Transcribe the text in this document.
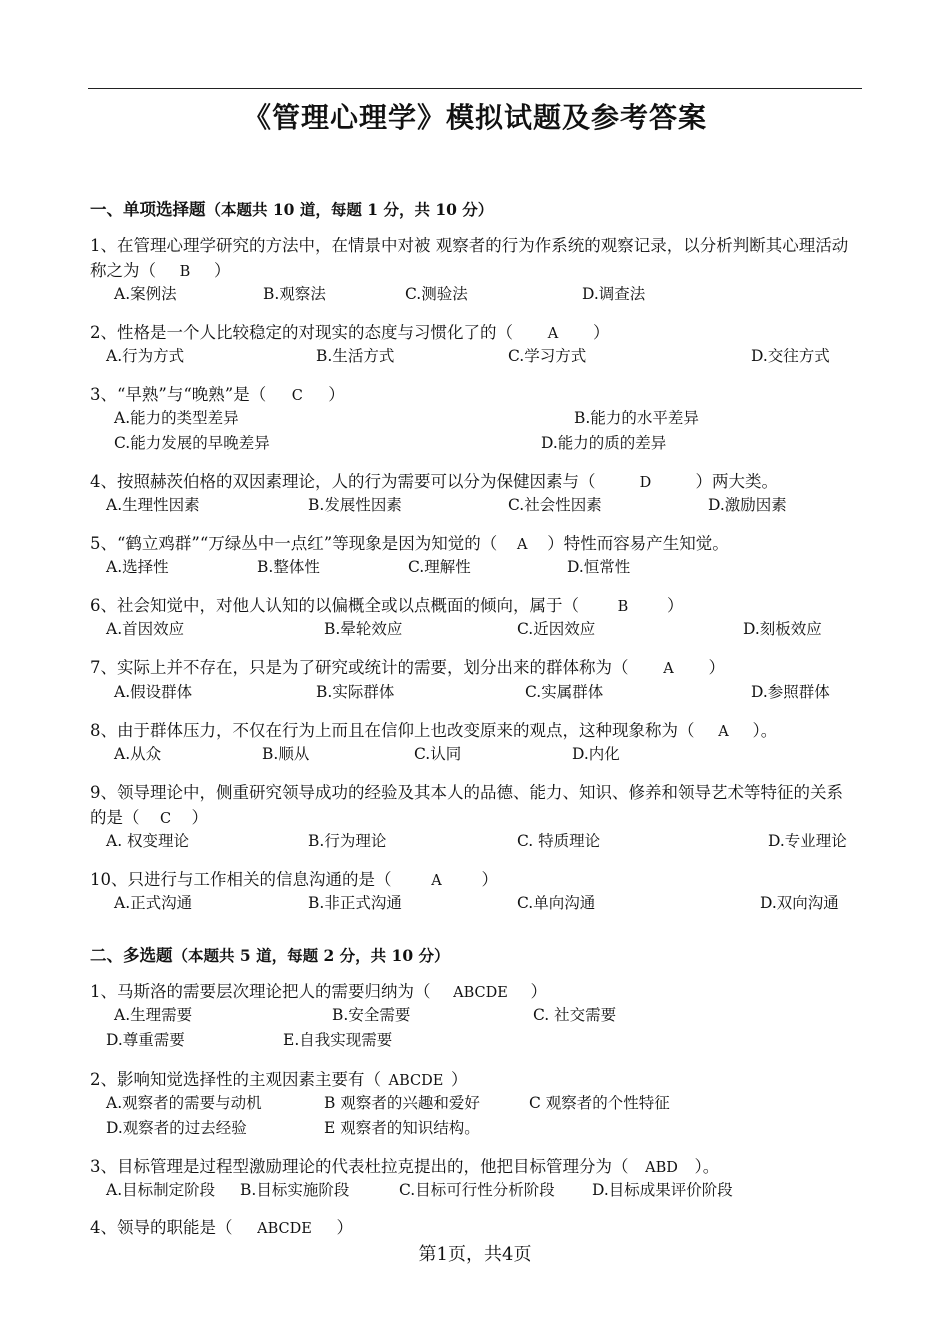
《管理心理学》模拟试题及参考答案
一、单项选择题（本题共 10 道，每题 1 分，共 10 分）
1、在管理心理学研究的方法中，在情景中对被 观察者的行为作系统的观察记录，以分析判断其心理活动
称之为（ B ）
A.案例法	B.观察法	C.测验法	D.调查法
2、性格是一个人比较稳定的对现实的态度与习惯化了的（ A ）
A.行为方式	B.生活方式	C.学习方式	D.交往方式
3、“早熟”与“晚熟”是（ C ）
A.能力的类型差异	B.能力的水平差异
C.能力发展的早晚差异	D.能力的质的差异
4、按照赫茨伯格的双因素理论，人的行为需要可以分为保健因素与（	D	）两大类。
A.生理性因素	B.发展性因素	C.社会性因素	D.激励因素
5、“鹤立鸡群”“万绿丛中一点红”等现象是因为知觉的（ A ）特性而容易产生知觉。
A.选择性	B.整体性	C.理解性	D.恒常性
6、社会知觉中，对他人认知的以偏概全或以点概面的倾向，属于（	B ）
A.首因效应	B.晕轮效应	C.近因效应	D.刻板效应
7、实际上并不存在，只是为了研究或统计的需要，划分出来的群体称为（ A ）
A.假设群体	B.实际群体	C.实属群体	D.参照群体
8、由于群体压力，不仅在行为上而且在信仰上也改变原来的观点，这种现象称为（ A ）。
A.从众	B.顺从	C.认同	D.内化
9、领导理论中，侧重研究领导成功的经验及其本人的品德、能力、知识、修养和领导艺术等特征的关系
的是（ C ）
A. 权变理论	B.行为理论	C. 特质理论	D.专业理论
10、只进行与工作相关的信息沟通的是（	A ）
A.正式沟通	B.非正式沟通	C.单向沟通	D.双向沟通
二、多选题（本题共 5 道，每题 2 分，共 10 分）
1、马斯洛的需要层次理论把人的需要归纳为（ ABCDE ）
A.生理需要	B.安全需要	C. 社交需要
D.尊重需要	E.自我实现需要
2、影响知觉选择性的主观因素主要有（ ABCDE ）
A.观察者的需要与动机	B 观察者的兴趣和爱好	C 观察者的个性特征
D.观察者的过去经验	E 观察者的知识结构。
3、目标管理是过程型激励理论的代表杜拉克提出的，他把目标管理分为（ ABD ）。
A.目标制定阶段 B.目标实施阶段	C.目标可行性分析阶段 D.目标成果评价阶段
4、领导的职能是（ ABCDE ）
第1页，共4页
